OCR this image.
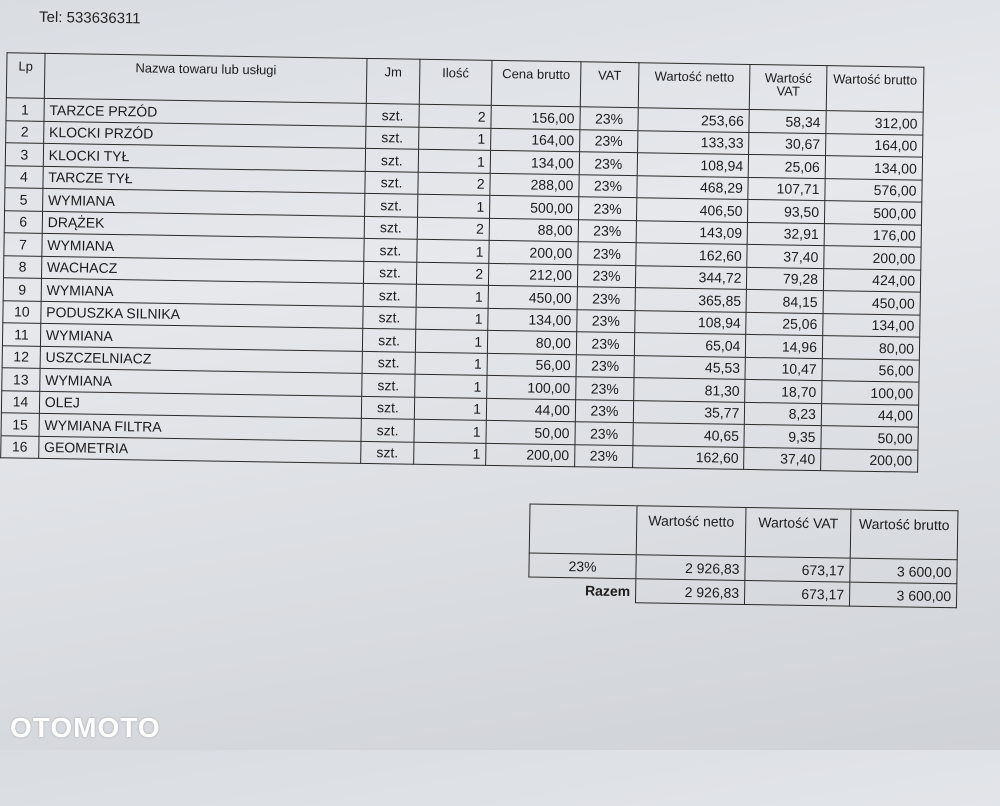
Tel: 533636311
Lp	Nazwa towaru lub usługi	Jm	Ilość	Cena brutto	VAT	Wartość netto	Wartość VAT	Wartość brutto
1	TARZCE PRZÓD	szt.	2	156,00	23%	253,66	58,34	312,00
2	KLOCKI PRZÓD	szt.	1	164,00	23%	133,33	30,67	164,00
3	KLOCKI TYŁ	szt.	1	134,00	23%	108,94	25,06	134,00
4	TARCZE TYŁ	szt.	2	288,00	23%	468,29	107,71	576,00
5	WYMIANA	szt.	1	500,00	23%	406,50	93,50	500,00
6	DRĄŻEK	szt.	2	88,00	23%	143,09	32,91	176,00
7	WYMIANA	szt.	1	200,00	23%	162,60	37,40	200,00
8	WACHACZ	szt.	2	212,00	23%	344,72	79,28	424,00
9	WYMIANA	szt.	1	450,00	23%	365,85	84,15	450,00
10	PODUSZKA SILNIKA	szt.	1	134,00	23%	108,94	25,06	134,00
11	WYMIANA	szt.	1	80,00	23%	65,04	14,96	80,00
12	USZCZELNIACZ	szt.	1	56,00	23%	45,53	10,47	56,00
13	WYMIANA	szt.	1	100,00	23%	81,30	18,70	100,00
14	OLEJ	szt.	1	44,00	23%	35,77	8,23	44,00
15	WYMIANA FILTRA	szt.	1	50,00	23%	40,65	9,35	50,00
16	GEOMETRIA	szt.	1	200,00	23%	162,60	37,40	200,00
	Wartość netto	Wartość VAT	Wartość brutto
23%	2 926,83	673,17	3 600,00
Razem	2 926,83	673,17	3 600,00
OTOMOTO
